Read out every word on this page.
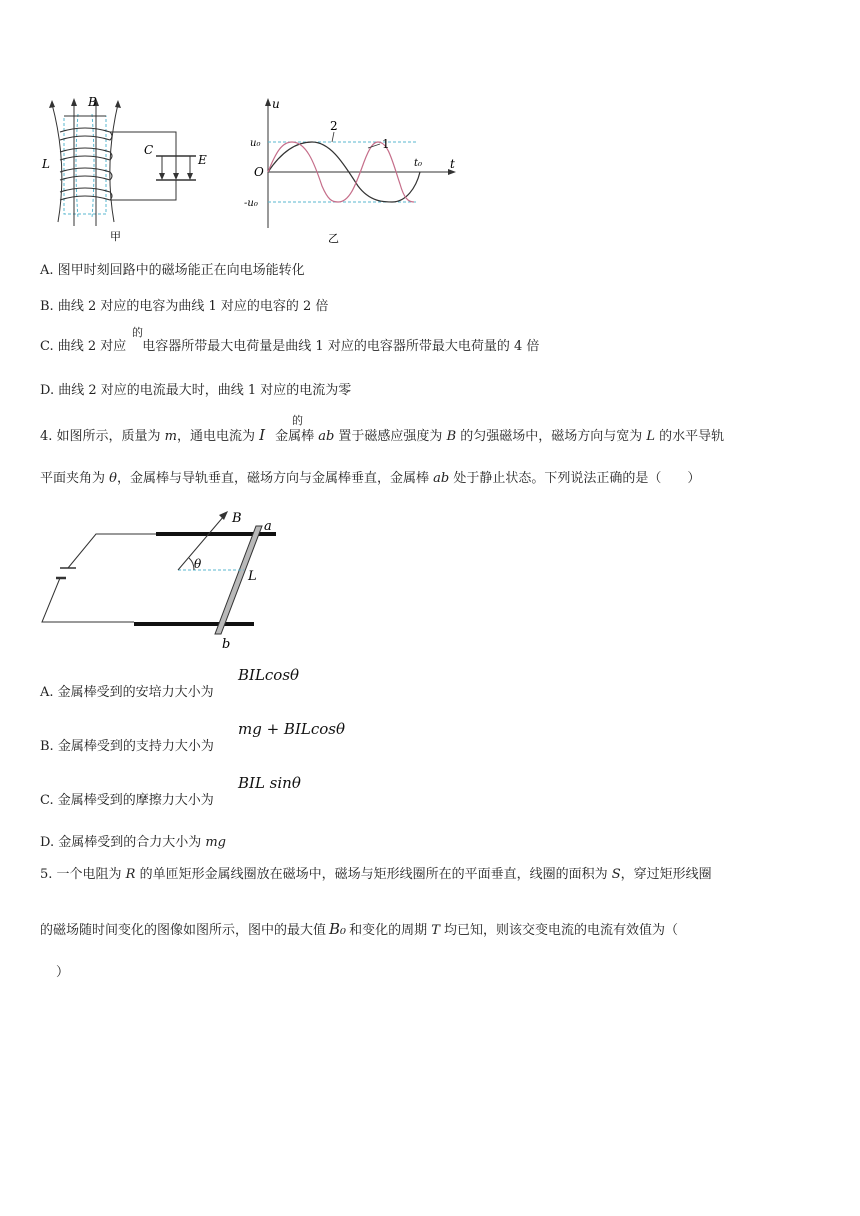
B
L
C
E
甲
u
t
O
u₀
-u₀
t₀
2
1
乙
A. 图甲时刻回路中的磁场能正在向电场能转化
B. 曲线 2 对应的电容为曲线 1 对应的电容的 2 倍
C. 曲线 2 对应 电容器所带最大电荷量是曲线 1 对应的电容器所带最大电荷量的 4 倍
的
D. 曲线 2 对应的电流最大时，曲线 1 对应的电流为零
4. 如图所示，质量为 m，通电电流为 I 金属棒 ab 置于磁感应强度为 B 的匀强磁场中，磁场方向与宽为 L 的水平导轨
的
平面夹角为 θ，金属棒与导轨垂直，磁场方向与金属棒垂直，金属棒 ab 处于静止状态。下列说法正确的是（　　）
B
a
b
θ
L
A. 金属棒受到的安培力大小为
BILcosθ
B. 金属棒受到的支持力大小为
mg + BILcosθ
C. 金属棒受到的摩擦力大小为
BIL sinθ
D. 金属棒受到的合力大小为 mg
5. 一个电阻为 R 的单匝矩形金属线圈放在磁场中，磁场与矩形线圈所在的平面垂直，线圈的面积为 S，穿过矩形线圈
的磁场随时间变化的图像如图所示，图中的最大值 B₀ 和变化的周期 T 均已知，则该交变电流的电流有效值为（
）
